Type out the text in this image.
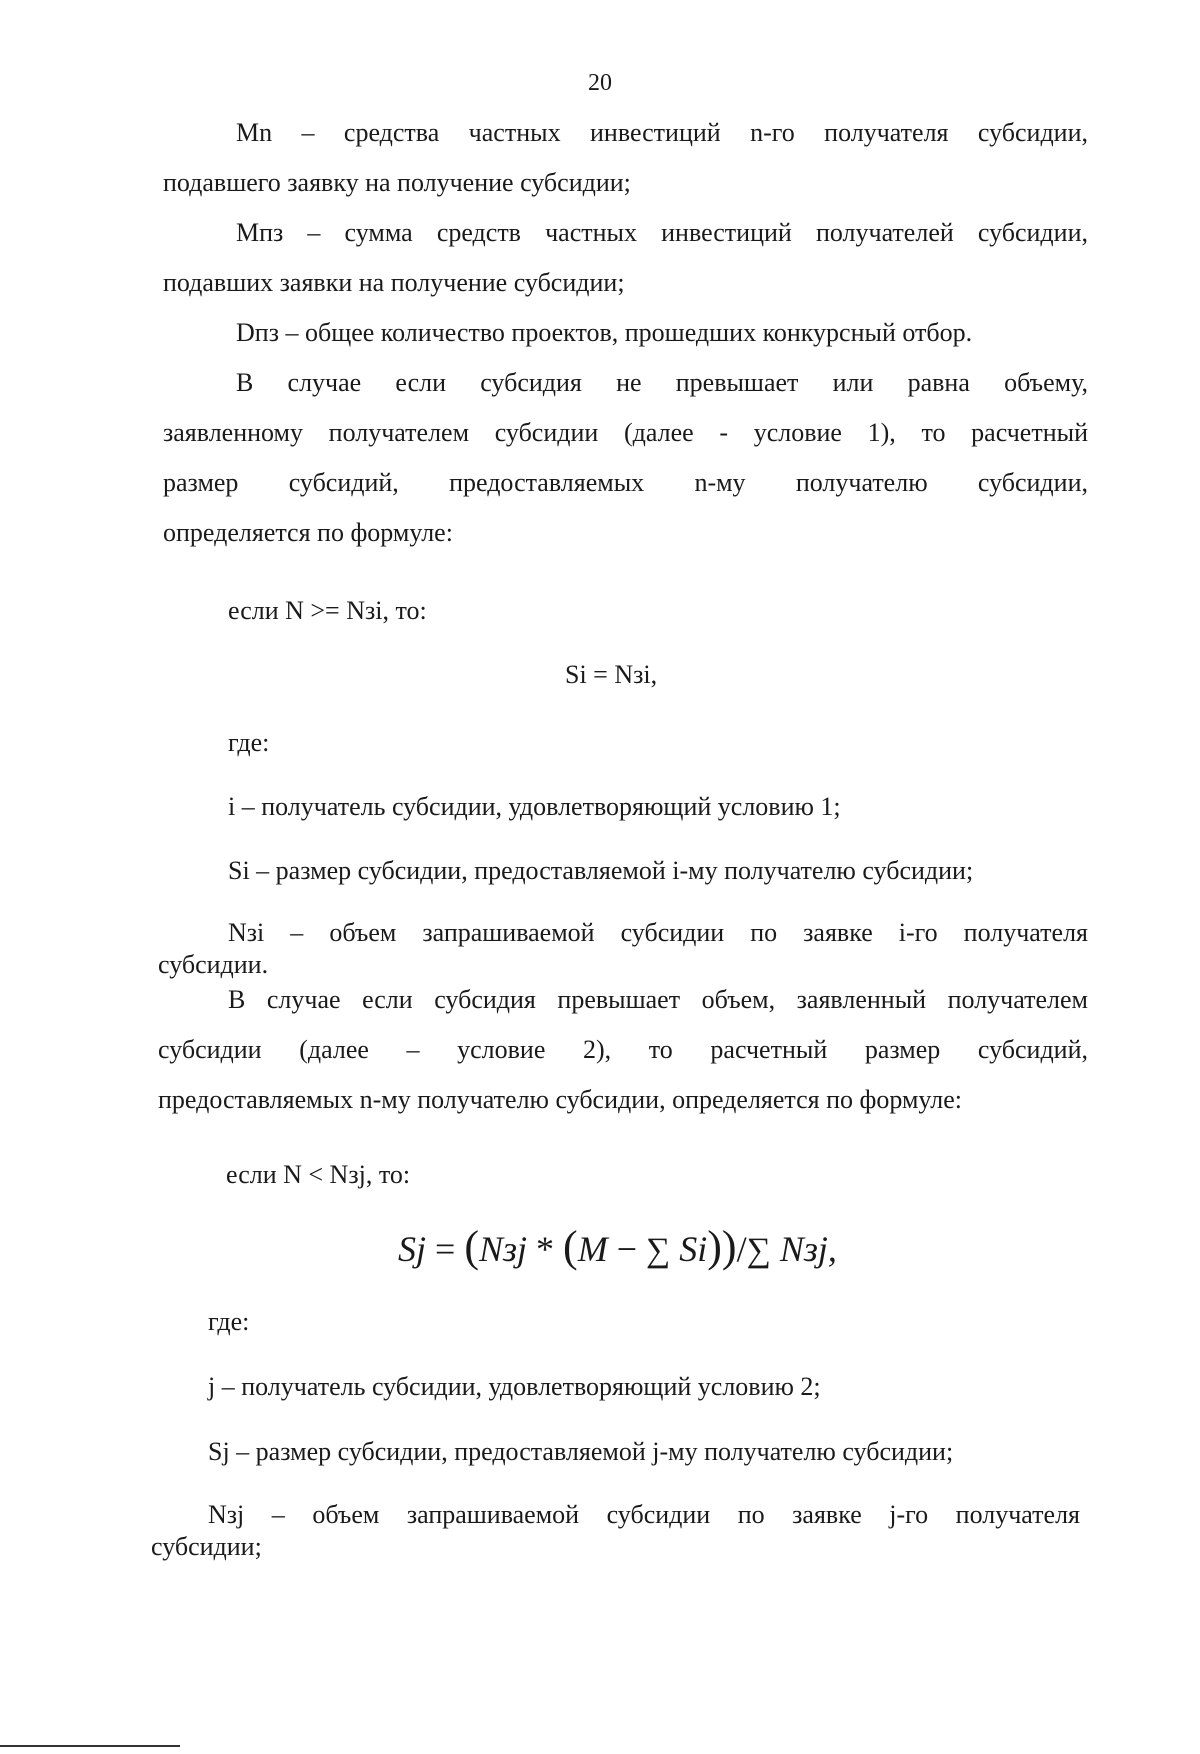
20
Mn – средства частных инвестиций n-го получателя субсидии,
подавшего заявку на получение субсидии;
Mпз – сумма средств частных инвестиций получателей субсидии,
подавших заявки на получение субсидии;
Dпз – общее количество проектов, прошедших конкурсный отбор.
В случае если субсидия не превышает или равна объему,
заявленному получателем субсидии (далее - условие 1), то расчетный
размер субсидий, предоставляемых n-му получателю субсидии,
определяется по формуле:
если N >= Nзi, то:
Si = Nзi,
где:
i – получатель субсидии, удовлетворяющий условию 1;
Si – размер субсидии, предоставляемой i-му получателю субсидии;
Nзi – объем запрашиваемой субсидии по заявке i-го получателя
субсидии.
В случае если субсидия превышает объем, заявленный получателем
субсидии (далее – условие 2), то расчетный размер субсидий,
предоставляемых n-му получателю субсидии, определяется по формуле:
если N < Nзj, то:
Sj = (Nзj * (M − ∑ Si))/∑ Nзj,
где:
j – получатель субсидии, удовлетворяющий условию 2;
Sj – размер субсидии, предоставляемой j-му получателю субсидии;
Nзj – объем запрашиваемой субсидии по заявке j-го получателя
субсидии;
